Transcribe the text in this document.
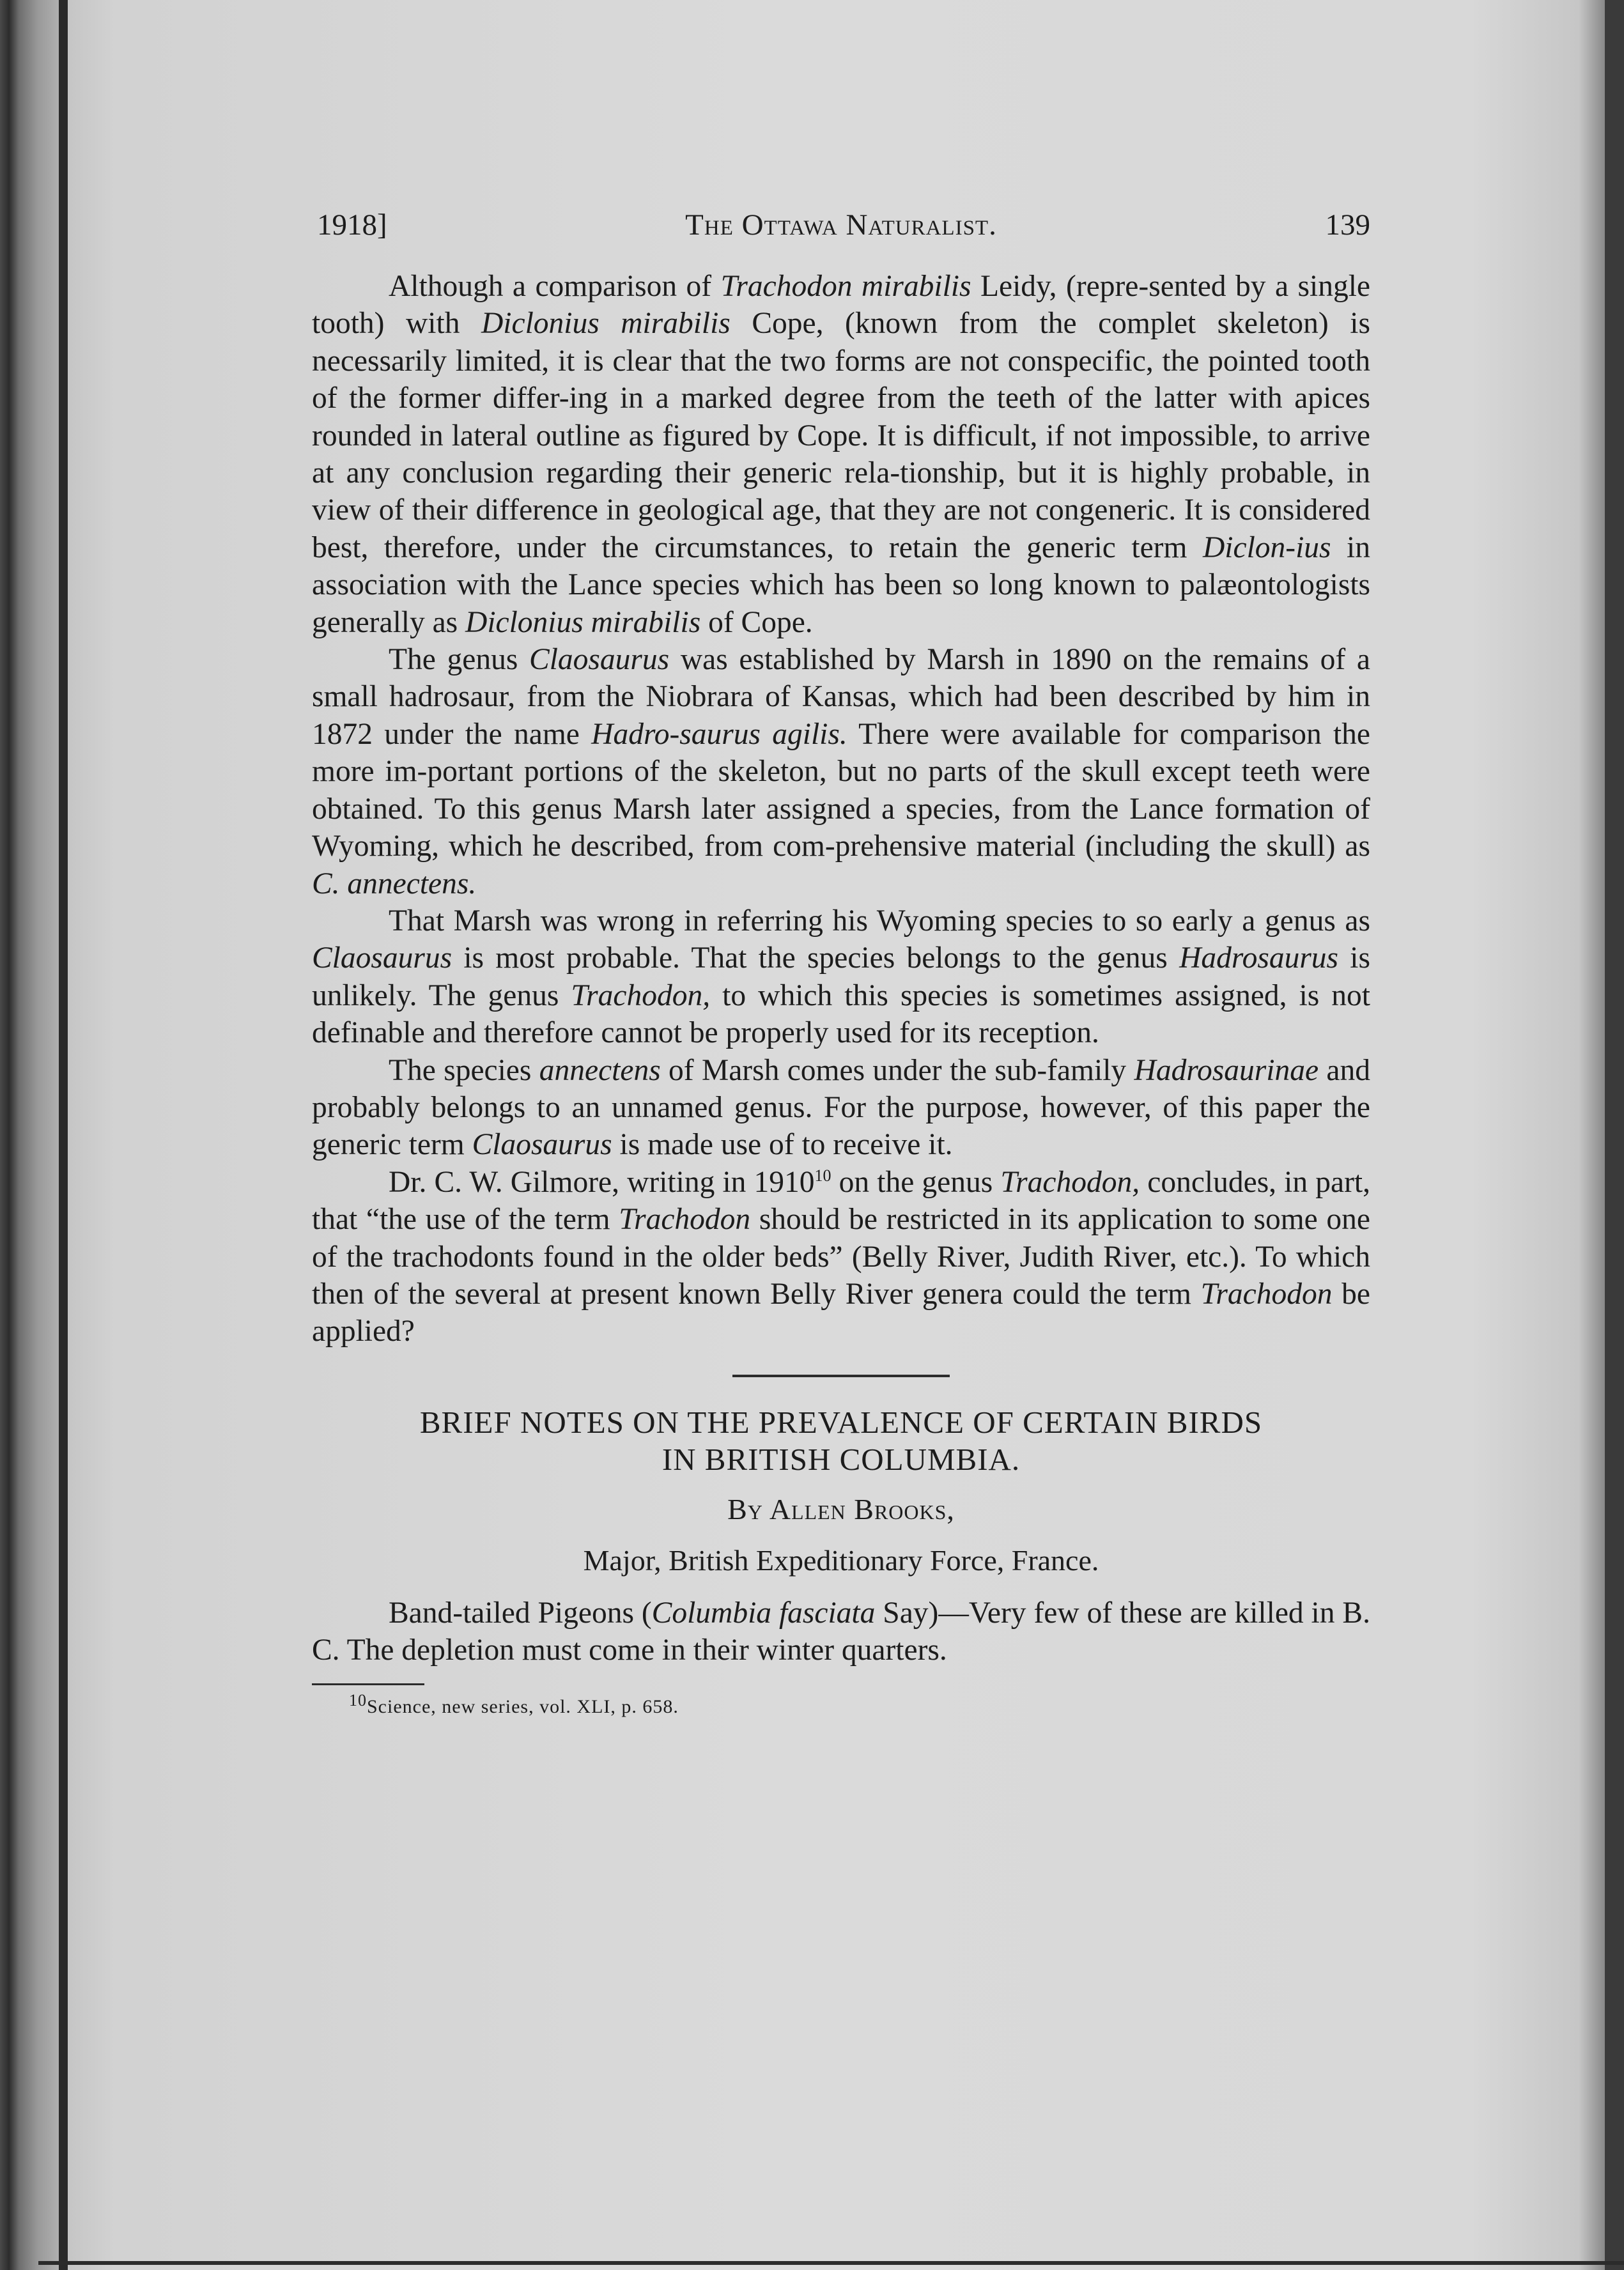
1918]	The Ottawa Naturalist.	139

Although a comparison of Trachodon mirabilis Leidy, (repre-sented by a single tooth) with Diclonius mirabilis Cope, (known from the complet skeleton) is necessarily limited, it is clear that the two forms are not conspecific, the pointed tooth of the former differ-ing in a marked degree from the teeth of the latter with apices rounded in lateral outline as figured by Cope. It is difficult, if not impossible, to arrive at any conclusion regarding their generic rela-tionship, but it is highly probable, in view of their difference in geological age, that they are not congeneric. It is considered best, therefore, under the circumstances, to retain the generic term Diclon-ius in association with the Lance species which has been so long known to palæontologists generally as Diclonius mirabilis of Cope.

The genus Claosaurus was established by Marsh in 1890 on the remains of a small hadrosaur, from the Niobrara of Kansas, which had been described by him in 1872 under the name Hadro-saurus agilis. There were available for comparison the more im-portant portions of the skeleton, but no parts of the skull except teeth were obtained. To this genus Marsh later assigned a species, from the Lance formation of Wyoming, which he described, from com-prehensive material (including the skull) as C. annectens.

That Marsh was wrong in referring his Wyoming species to so early a genus as Claosaurus is most probable. That the species belongs to the genus Hadrosaurus is unlikely. The genus Trachodon, to which this species is sometimes assigned, is not definable and therefore cannot be properly used for its reception.

The species annectens of Marsh comes under the sub-family Hadrosaurinae and probably belongs to an unnamed genus. For the purpose, however, of this paper the generic term Claosaurus is made use of to receive it.

Dr. C. W. Gilmore, writing in 1910$^{10}$ on the genus Trachodon, concludes, in part, that “the use of the term Trachodon should be restricted in its application to some one of the trachodonts found in the older beds” (Belly River, Judith River, etc.). To which then of the several at present known Belly River genera could the term Trachodon be applied?

BRIEF NOTES ON THE PREVALENCE OF CERTAIN BIRDS
IN BRITISH COLUMBIA.

By Allen Brooks,
Major, British Expeditionary Force, France.

Band-tailed Pigeons (Columbia fasciata Say)—Very few of these are killed in B. C. The depletion must come in their winter quarters.

$^{10}$Science, new series, vol. XLI, p. 658.
